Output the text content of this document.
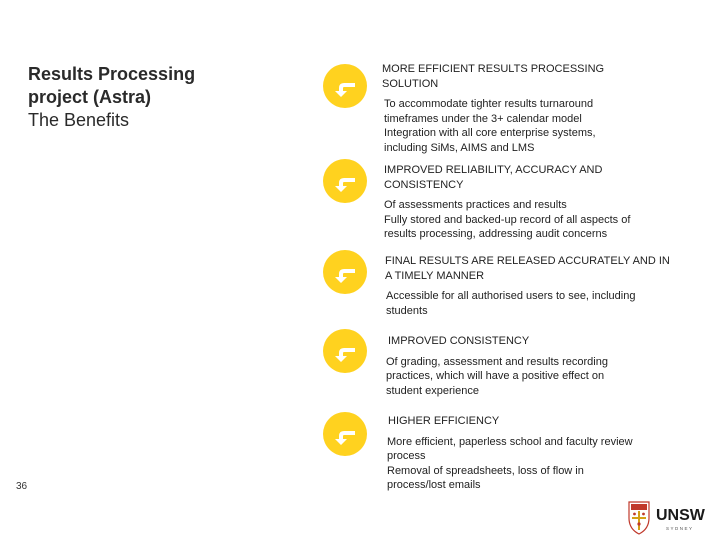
Results Processing
project (Astra)
The Benefits
MORE EFFICIENT RESULTS PROCESSING SOLUTION
To accommodate tighter results turnaround
timeframes under the 3+ calendar model
Integration with all core enterprise systems,
including SiMs, AIMS and LMS
IMPROVED RELIABILITY, ACCURACY AND CONSISTENCY
Of assessments practices and results
Fully stored and backed-up record of all aspects of
results processing, addressing audit concerns
FINAL RESULTS ARE RELEASED ACCURATELY AND IN A TIMELY MANNER
Accessible for all authorised users to see, including
students
IMPROVED CONSISTENCY
Of grading, assessment and results recording
practices, which will have a positive effect on
student experience
HIGHER EFFICIENCY
More efficient, paperless school and faculty review
process
Removal of spreadsheets, loss of flow in
process/lost emails
36
UNSW
SYDNEY
